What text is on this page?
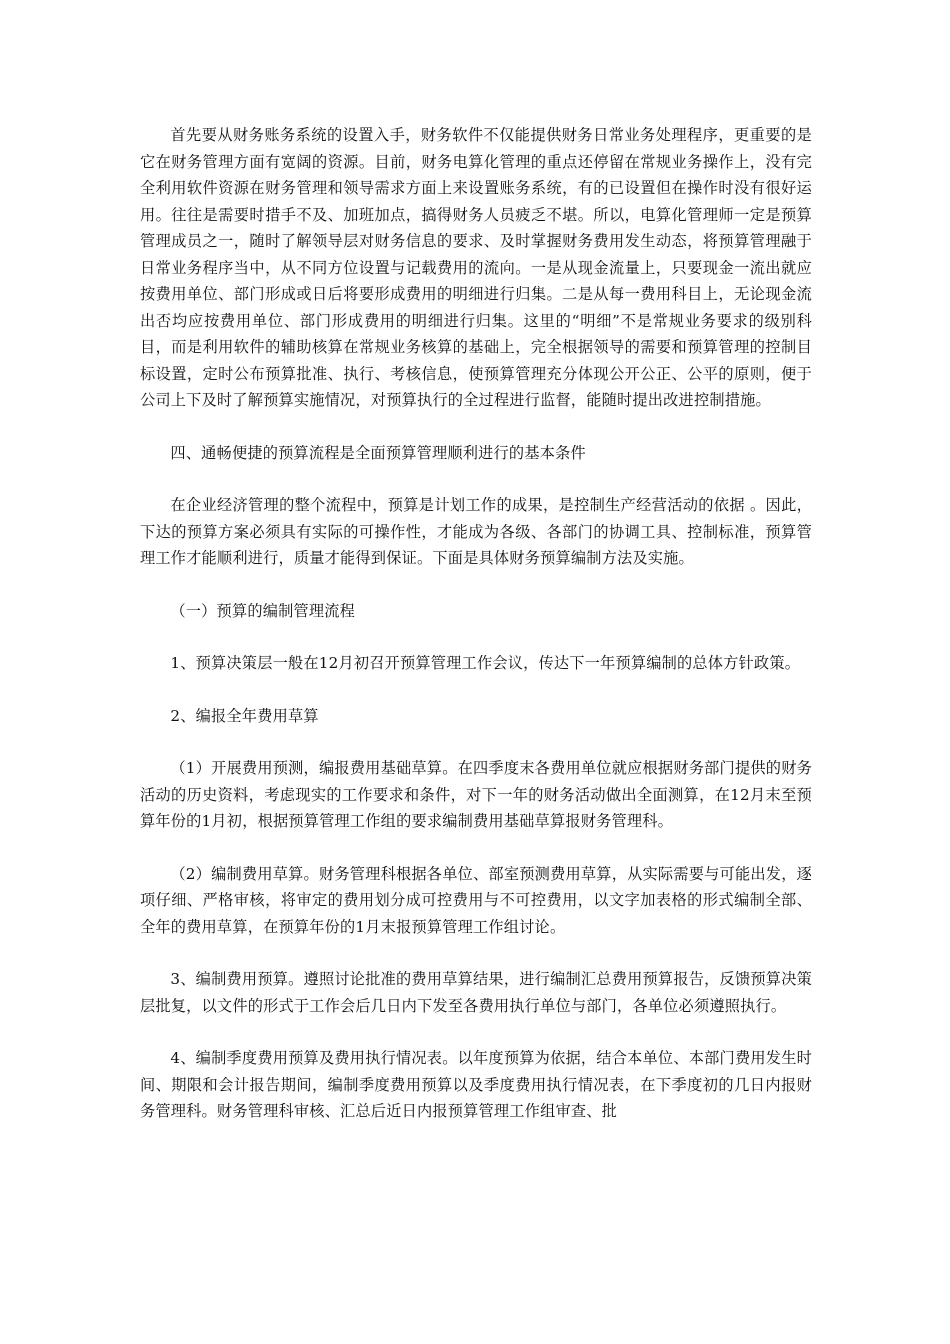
首先要从财务账务系统的设置入手，财务软件不仅能提供财务日常业务处理程序，更重要的是它在财务管理方面有宽阔的资源。目前，财务电算化管理的重点还停留在常规业务操作上，没有完全利用软件资源在财务管理和领导需求方面上来设置账务系统，有的已设置但在操作时没有很好运用。往往是需要时措手不及、加班加点，搞得财务人员疲乏不堪。所以，电算化管理师一定是预算管理成员之一，随时了解领导层对财务信息的要求、及时掌握财务费用发生动态，将预算管理融于日常业务程序当中，从不同方位设置与记载费用的流向。一是从现金流量上，只要现金一流出就应按费用单位、部门形成或日后将要形成费用的明细进行归集。二是从每一费用科目上，无论现金流出否均应按费用单位、部门形成费用的明细进行归集。这里的“明细”不是常规业务要求的级别科目，而是利用软件的辅助核算在常规业务核算的基础上，完全根据领导的需要和预算管理的控制目标设置，定时公布预算批准、执行、考核信息，使预算管理充分体现公开公正、公平的原则，便于公司上下及时了解预算实施情况，对预算执行的全过程进行监督，能随时提出改进控制措施。

四、通畅便捷的预算流程是全面预算管理顺利进行的基本条件

在企业经济管理的整个流程中，预算是计划工作的成果，是控制生产经营活动的依据 。因此，下达的预算方案必须具有实际的可操作性，才能成为各级、各部门的协调工具、控制标准，预算管理工作才能顺利进行，质量才能得到保证。下面是具体财务预算编制方法及实施。

（一）预算的编制管理流程

1、预算决策层一般在12月初召开预算管理工作会议，传达下一年预算编制的总体方针政策。

2、编报全年费用草算

（1）开展费用预测，编报费用基础草算。在四季度末各费用单位就应根据财务部门提供的财务活动的历史资料，考虑现实的工作要求和条件，对下一年的财务活动做出全面测算，在12月末至预算年份的1月初，根据预算管理工作组的要求编制费用基础草算报财务管理科。

（2）编制费用草算。财务管理科根据各单位、部室预测费用草算，从实际需要与可能出发，逐项仔细、严格审核，将审定的费用划分成可控费用与不可控费用，以文字加表格的形式编制全部、全年的费用草算，在预算年份的1月末报预算管理工作组讨论。

3、编制费用预算。遵照讨论批准的费用草算结果，进行编制汇总费用预算报告，反馈预算决策层批复，以文件的形式于工作会后几日内下发至各费用执行单位与部门，各单位必须遵照执行。

4、编制季度费用预算及费用执行情况表。以年度预算为依据，结合本单位、本部门费用发生时间、期限和会计报告期间，编制季度费用预算以及季度费用执行情况表，在下季度初的几日内报财务管理科。财务管理科审核、汇总后近日内报预算管理工作组审查、批
